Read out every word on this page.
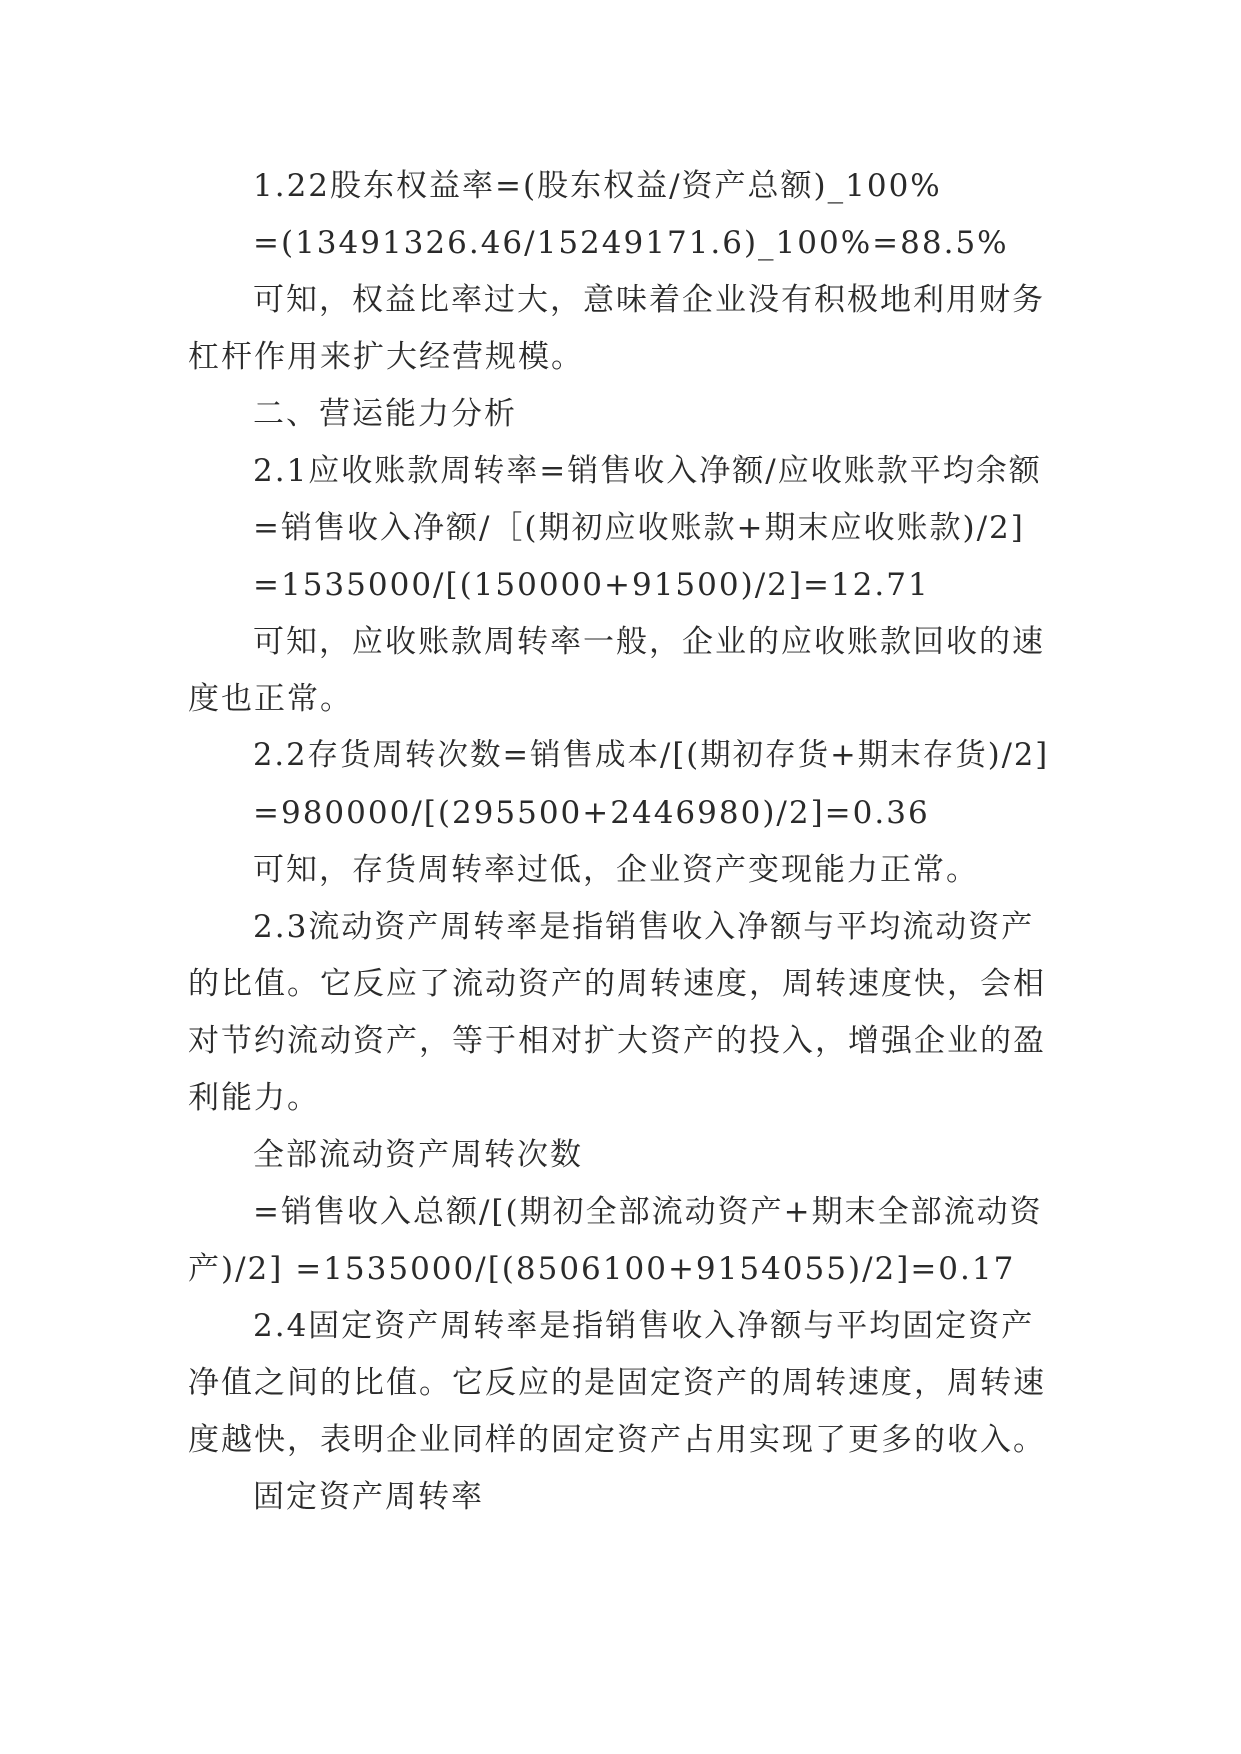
1.22股东权益率=(股东权益/资产总额)_100%

=(13491326.46/15249171.6)_100%=88.5%

可知，权益比率过大，意味着企业没有积极地利用财务

杠杆作用来扩大经营规模。

二、营运能力分析

2.1应收账款周转率=销售收入净额/应收账款平均余额

=销售收入净额/［(期初应收账款+期末应收账款)/2]

=1535000/[(150000+91500)/2]=12.71

可知，应收账款周转率一般，企业的应收账款回收的速

度也正常。

2.2存货周转次数=销售成本/[(期初存货+期末存货)/2]

=980000/[(295500+2446980)/2]=0.36

可知，存货周转率过低，企业资产变现能力正常。

2.3流动资产周转率是指销售收入净额与平均流动资产

的比值。它反应了流动资产的周转速度，周转速度快，会相

对节约流动资产，等于相对扩大资产的投入，增强企业的盈

利能力。

全部流动资产周转次数

=销售收入总额/[(期初全部流动资产+期末全部流动资

产)/2] =1535000/[(8506100+9154055)/2]=0.17

2.4固定资产周转率是指销售收入净额与平均固定资产

净值之间的比值。它反应的是固定资产的周转速度，周转速

度越快，表明企业同样的固定资产占用实现了更多的收入。

固定资产周转率
